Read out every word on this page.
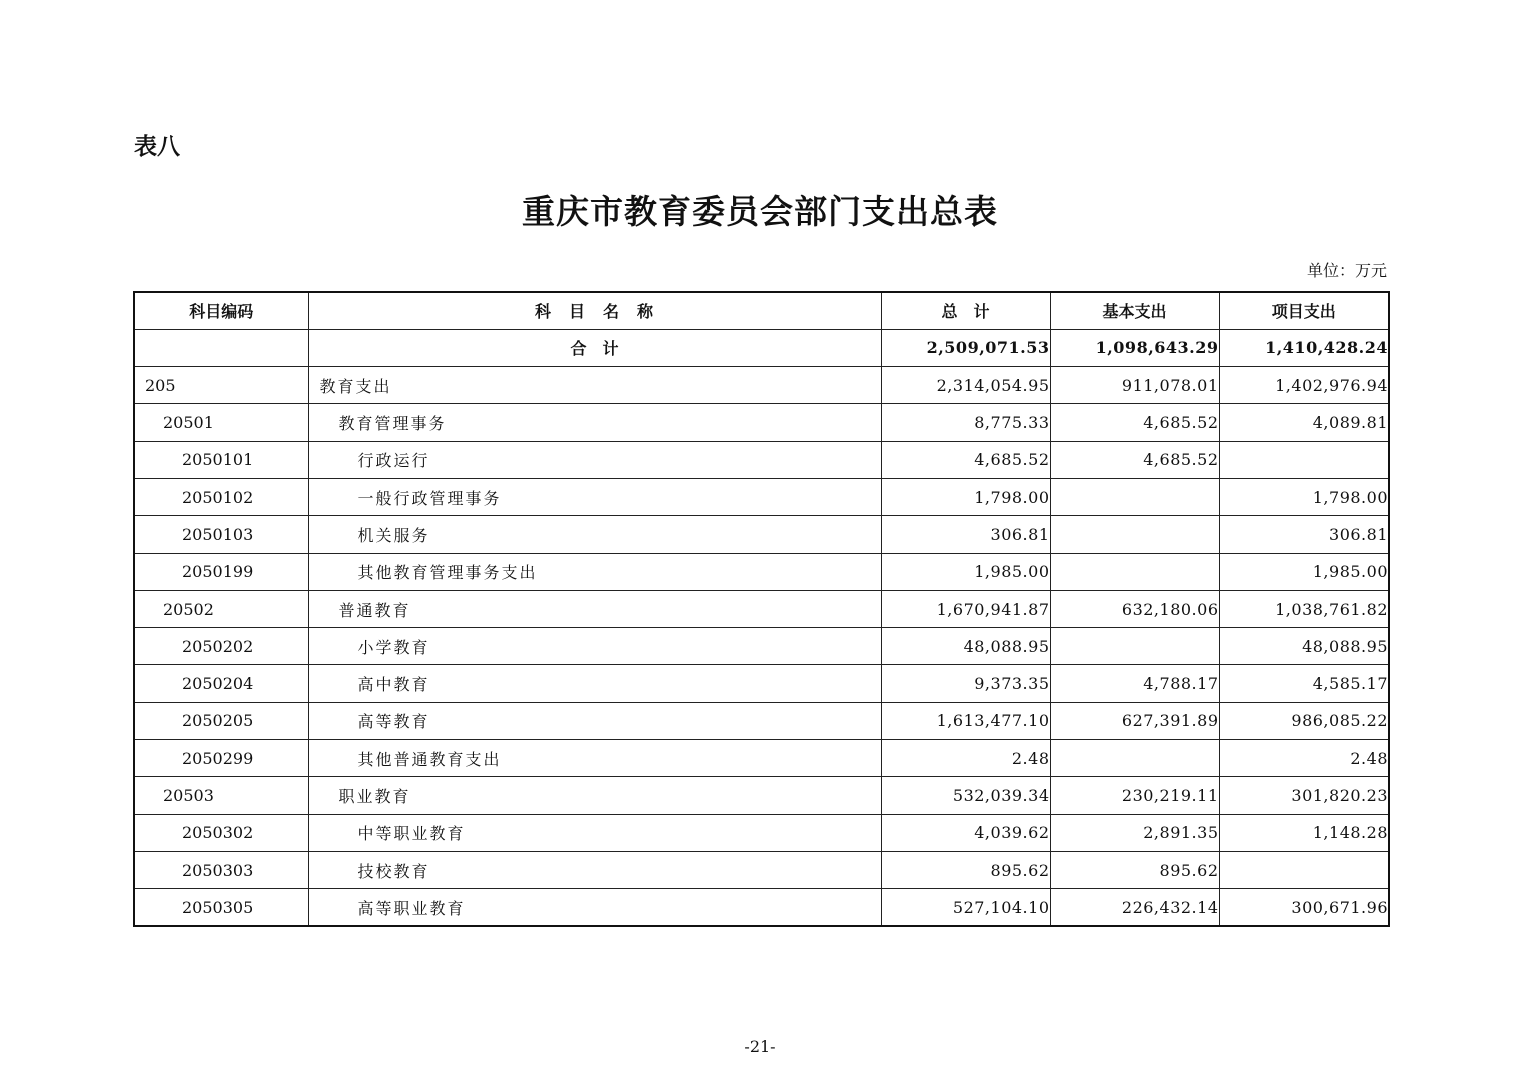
表八
重庆市教育委员会部门支出总表
单位：万元
科目编码	科　目　名　称	总　计	基本支出	项目支出
	合　计	2,509,071.53	1,098,643.29	1,410,428.24
205	教育支出	2,314,054.95	911,078.01	1,402,976.94
20501	教育管理事务	8,775.33	4,685.52	4,089.81
2050101	行政运行	4,685.52	4,685.52	
2050102	一般行政管理事务	1,798.00		1,798.00
2050103	机关服务	306.81		306.81
2050199	其他教育管理事务支出	1,985.00		1,985.00
20502	普通教育	1,670,941.87	632,180.06	1,038,761.82
2050202	小学教育	48,088.95		48,088.95
2050204	高中教育	9,373.35	4,788.17	4,585.17
2050205	高等教育	1,613,477.10	627,391.89	986,085.22
2050299	其他普通教育支出	2.48		2.48
20503	职业教育	532,039.34	230,219.11	301,820.23
2050302	中等职业教育	4,039.62	2,891.35	1,148.28
2050303	技校教育	895.62	895.62	
2050305	高等职业教育	527,104.10	226,432.14	300,671.96
-21-
